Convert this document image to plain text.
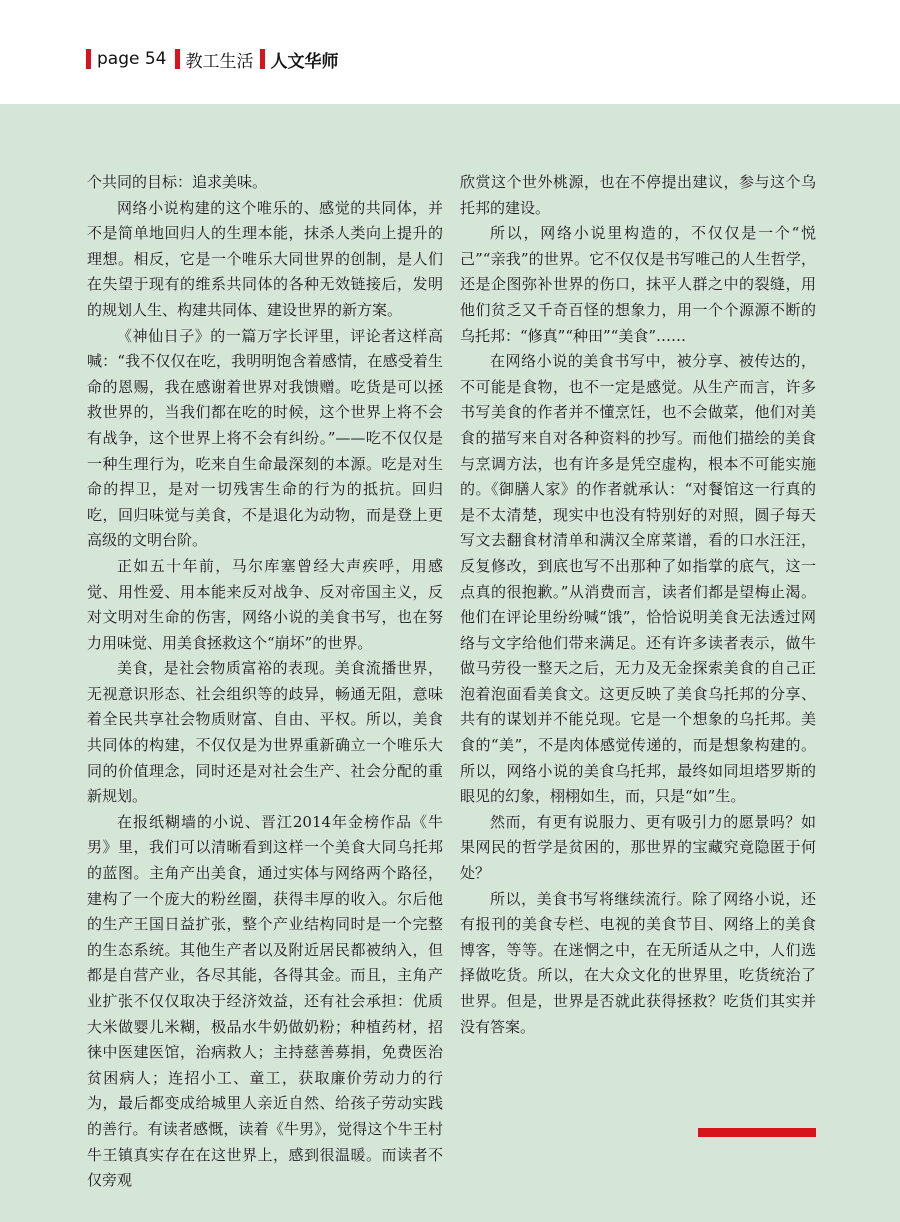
page 54 教工生活 人文华师

个共同的目标：追求美味。

网络小说构建的这个唯乐的、感觉的共同体，并不是简单地回归人的生理本能，抹杀人类向上提升的理想。相反，它是一个唯乐大同世界的创制，是人们在失望于现有的维系共同体的各种无效链接后，发明的规划人生、构建共同体、建设世界的新方案。

《神仙日子》的一篇万字长评里，评论者这样高喊：“我不仅仅在吃，我明明饱含着感情，在感受着生命的恩赐，我在感谢着世界对我馈赠。吃货是可以拯救世界的，当我们都在吃的时候，这个世界上将不会有战争，这个世界上将不会有纠纷。”——吃不仅仅是一种生理行为，吃来自生命最深刻的本源。吃是对生命的捍卫，是对一切残害生命的行为的抵抗。回归吃，回归味觉与美食，不是退化为动物，而是登上更高级的文明台阶。

正如五十年前，马尔库塞曾经大声疾呼，用感觉、用性爱、用本能来反对战争、反对帝国主义，反对文明对生命的伤害，网络小说的美食书写，也在努力用味觉、用美食拯救这个“崩坏”的世界。

美食，是社会物质富裕的表现。美食流播世界，无视意识形态、社会组织等的歧异，畅通无阻，意味着全民共享社会物质财富、自由、平权。所以，美食共同体的构建，不仅仅是为世界重新确立一个唯乐大同的价值理念，同时还是对社会生产、社会分配的重新规划。

在报纸糊墙的小说、晋江2014年金榜作品《牛男》里，我们可以清晰看到这样一个美食大同乌托邦的蓝图。主角产出美食，通过实体与网络两个路径，建构了一个庞大的粉丝圈，获得丰厚的收入。尔后他的生产王国日益扩张，整个产业结构同时是一个完整的生态系统。其他生产者以及附近居民都被纳入，但都是自营产业，各尽其能，各得其金。而且，主角产业扩张不仅仅取决于经济效益，还有社会承担：优质大米做婴儿米糊，极品水牛奶做奶粉；种植药材，招徕中医建医馆，治病救人；主持慈善募捐，免费医治贫困病人；连招小工、童工，获取廉价劳动力的行为，最后都变成给城里人亲近自然、给孩子劳动实践的善行。有读者感慨，读着《牛男》，觉得这个牛王村牛王镇真实存在在这世界上，感到很温暖。而读者不仅旁观

欣赏这个世外桃源，也在不停提出建议，参与这个乌托邦的建设。

所以，网络小说里构造的，不仅仅是一个“悦己”“亲我”的世界。它不仅仅是书写唯己的人生哲学，还是企图弥补世界的伤口，抹平人群之中的裂缝，用他们贫乏又千奇百怪的想象力，用一个个源源不断的乌托邦：“修真”“种田”“美食”……

在网络小说的美食书写中，被分享、被传达的，不可能是食物，也不一定是感觉。从生产而言，许多书写美食的作者并不懂烹饪，也不会做菜，他们对美食的描写来自对各种资料的抄写。而他们描绘的美食与烹调方法，也有许多是凭空虚构，根本不可能实施的。《御膳人家》的作者就承认：“对餐馆这一行真的是不太清楚，现实中也没有特别好的对照，圆子每天写文去翻食材清单和满汉全席菜谱，看的口水汪汪，反复修改，到底也写不出那种了如指掌的底气，这一点真的很抱歉。”从消费而言，读者们都是望梅止渴。他们在评论里纷纷喊“饿”，恰恰说明美食无法透过网络与文字给他们带来满足。还有许多读者表示，做牛做马劳役一整天之后，无力及无金探索美食的自己正泡着泡面看美食文。这更反映了美食乌托邦的分享、共有的谋划并不能兑现。它是一个想象的乌托邦。美食的“美”，不是肉体感觉传递的，而是想象构建的。所以，网络小说的美食乌托邦，最终如同坦塔罗斯的眼见的幻象，栩栩如生，而，只是“如”生。

然而，有更有说服力、更有吸引力的愿景吗？如果网民的哲学是贫困的，那世界的宝藏究竟隐匿于何处？

所以，美食书写将继续流行。除了网络小说，还有报刊的美食专栏、电视的美食节目、网络上的美食博客，等等。在迷惘之中，在无所适从之中，人们选择做吃货。所以，在大众文化的世界里，吃货统治了世界。但是，世界是否就此获得拯救？吃货们其实并没有答案。
